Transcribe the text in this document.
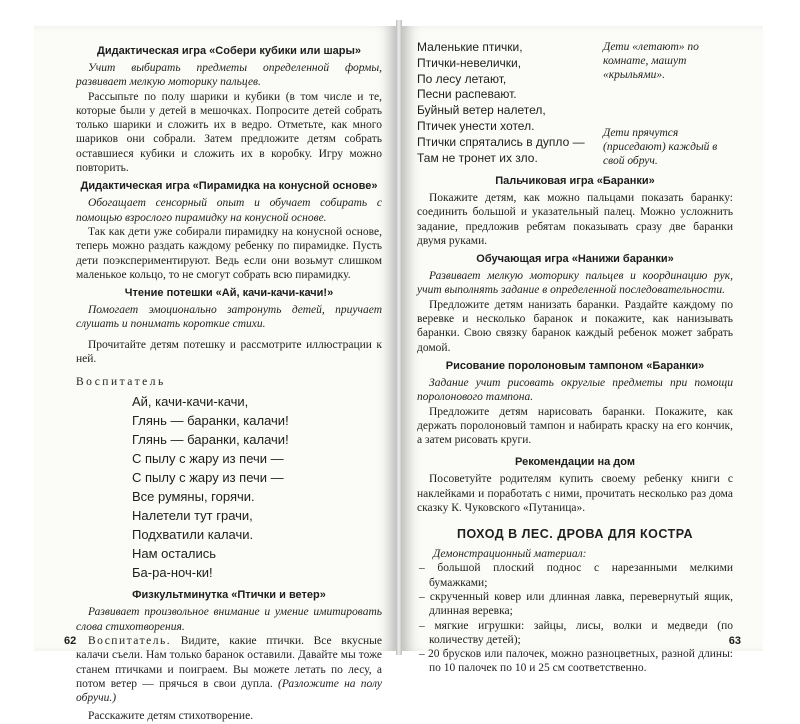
Дидактическая игра «Собери кубики или шары»

Учит выбирать предметы определенной формы, развивает мелкую моторику пальцев.

Рассыпьте по полу шарики и кубики (в том числе и те, которые были у детей в мешочках. Попросите детей собрать только шарики и сложить их в ведро. Отметьте, как много шариков они собрали. Затем предложите детям собрать оставшиеся кубики и сложить их в коробку. Игру можно повторить.

Дидактическая игра «Пирамидка на конусной основе»

Обогащает сенсорный опыт и обучает собирать с помощью взрослого пирамидку на конусной основе.

Так как дети уже собирали пирамидку на конусной основе, теперь можно раздать каждому ребенку по пирамидке. Пусть дети поэкспериментируют. Ведь если они возьмут слишком маленькое кольцо, то не смогут собрать всю пирамидку.

Чтение потешки «Ай, качи-качи-качи!»

Помогает эмоционально затронуть детей, приучает слушать и понимать короткие стихи.

Прочитайте детям потешку и рассмотрите иллюстрации к ней.

Воспитатель
Ай, качи-качи-качи,
Глянь — баранки, калачи!
Глянь — баранки, калачи!
С пылу с жару из печи —
С пылу с жару из печи —
Все румяны, горячи.
Налетели тут грачи,
Подхватили калачи.
Нам остались
Ба-ра-ноч-ки!
Физкультминутка «Птички и ветер»

Развивает произвольное внимание и умение имитировать слова стихотворения.

Воспитатель. Видите, какие птички. Все вкусные калачи съели. Нам только баранок оставили. Давайте мы тоже станем птичками и поиграем. Вы можете летать по лесу, а потом ветер — прячься в свои дупла. (Разложите на полу обручи.)

Расскажите детям стихотворение.

62
Маленькие птички,
Птички-невелички,
По лесу летают,
Песни распевают.
Буйный ветер налетел,
Птичек унести хотел.
Птички спрятались в дупло —
Там не тронет их зло.
Дети «летают» по комнате, машут «крыльями».
Дети прячутся (приседают) каждый в свой обруч.
Пальчиковая игра «Баранки»

Покажите детям, как можно пальцами показать баранку: соединить большой и указательный палец. Можно усложнить задание, предложив ребятам показывать сразу две баранки двумя руками.

Обучающая игра «Нанижи баранки»

Развивает мелкую моторику пальцев и координацию рук, учит выполнять задание в определенной последовательности.

Предложите детям нанизать баранки. Раздайте каждому по веревке и несколько баранок и покажите, как нанизывать баранки. Свою связку баранок каждый ребенок может забрать домой.

Рисование поролоновым тампоном «Баранки»

Задание учит рисовать округлые предметы при помощи поролонового тампона.

Предложите детям нарисовать баранки. Покажите, как держать поролоновый тампон и набирать краску на его кончик, а затем рисовать круги.

Рекомендации на дом

Посоветуйте родителям купить своему ребенку книги с наклейками и поработать с ними, прочитать несколько раз дома сказку К. Чуковского «Путаница».

ПОХОД В ЛЕС. ДРОВА ДЛЯ КОСТРА
Демонстрационный материал:
– большой плоский поднос с нарезанными мелкими бумажками;
– скрученный ковер или длинная лавка, перевернутый ящик, длинная веревка;
– мягкие игрушки: зайцы, лисы, волки и медведи (по количеству детей);
– 20 брусков или палочек, можно разноцветных, разной длины: по 10 палочек по 10 и 25 см соответственно.
63
